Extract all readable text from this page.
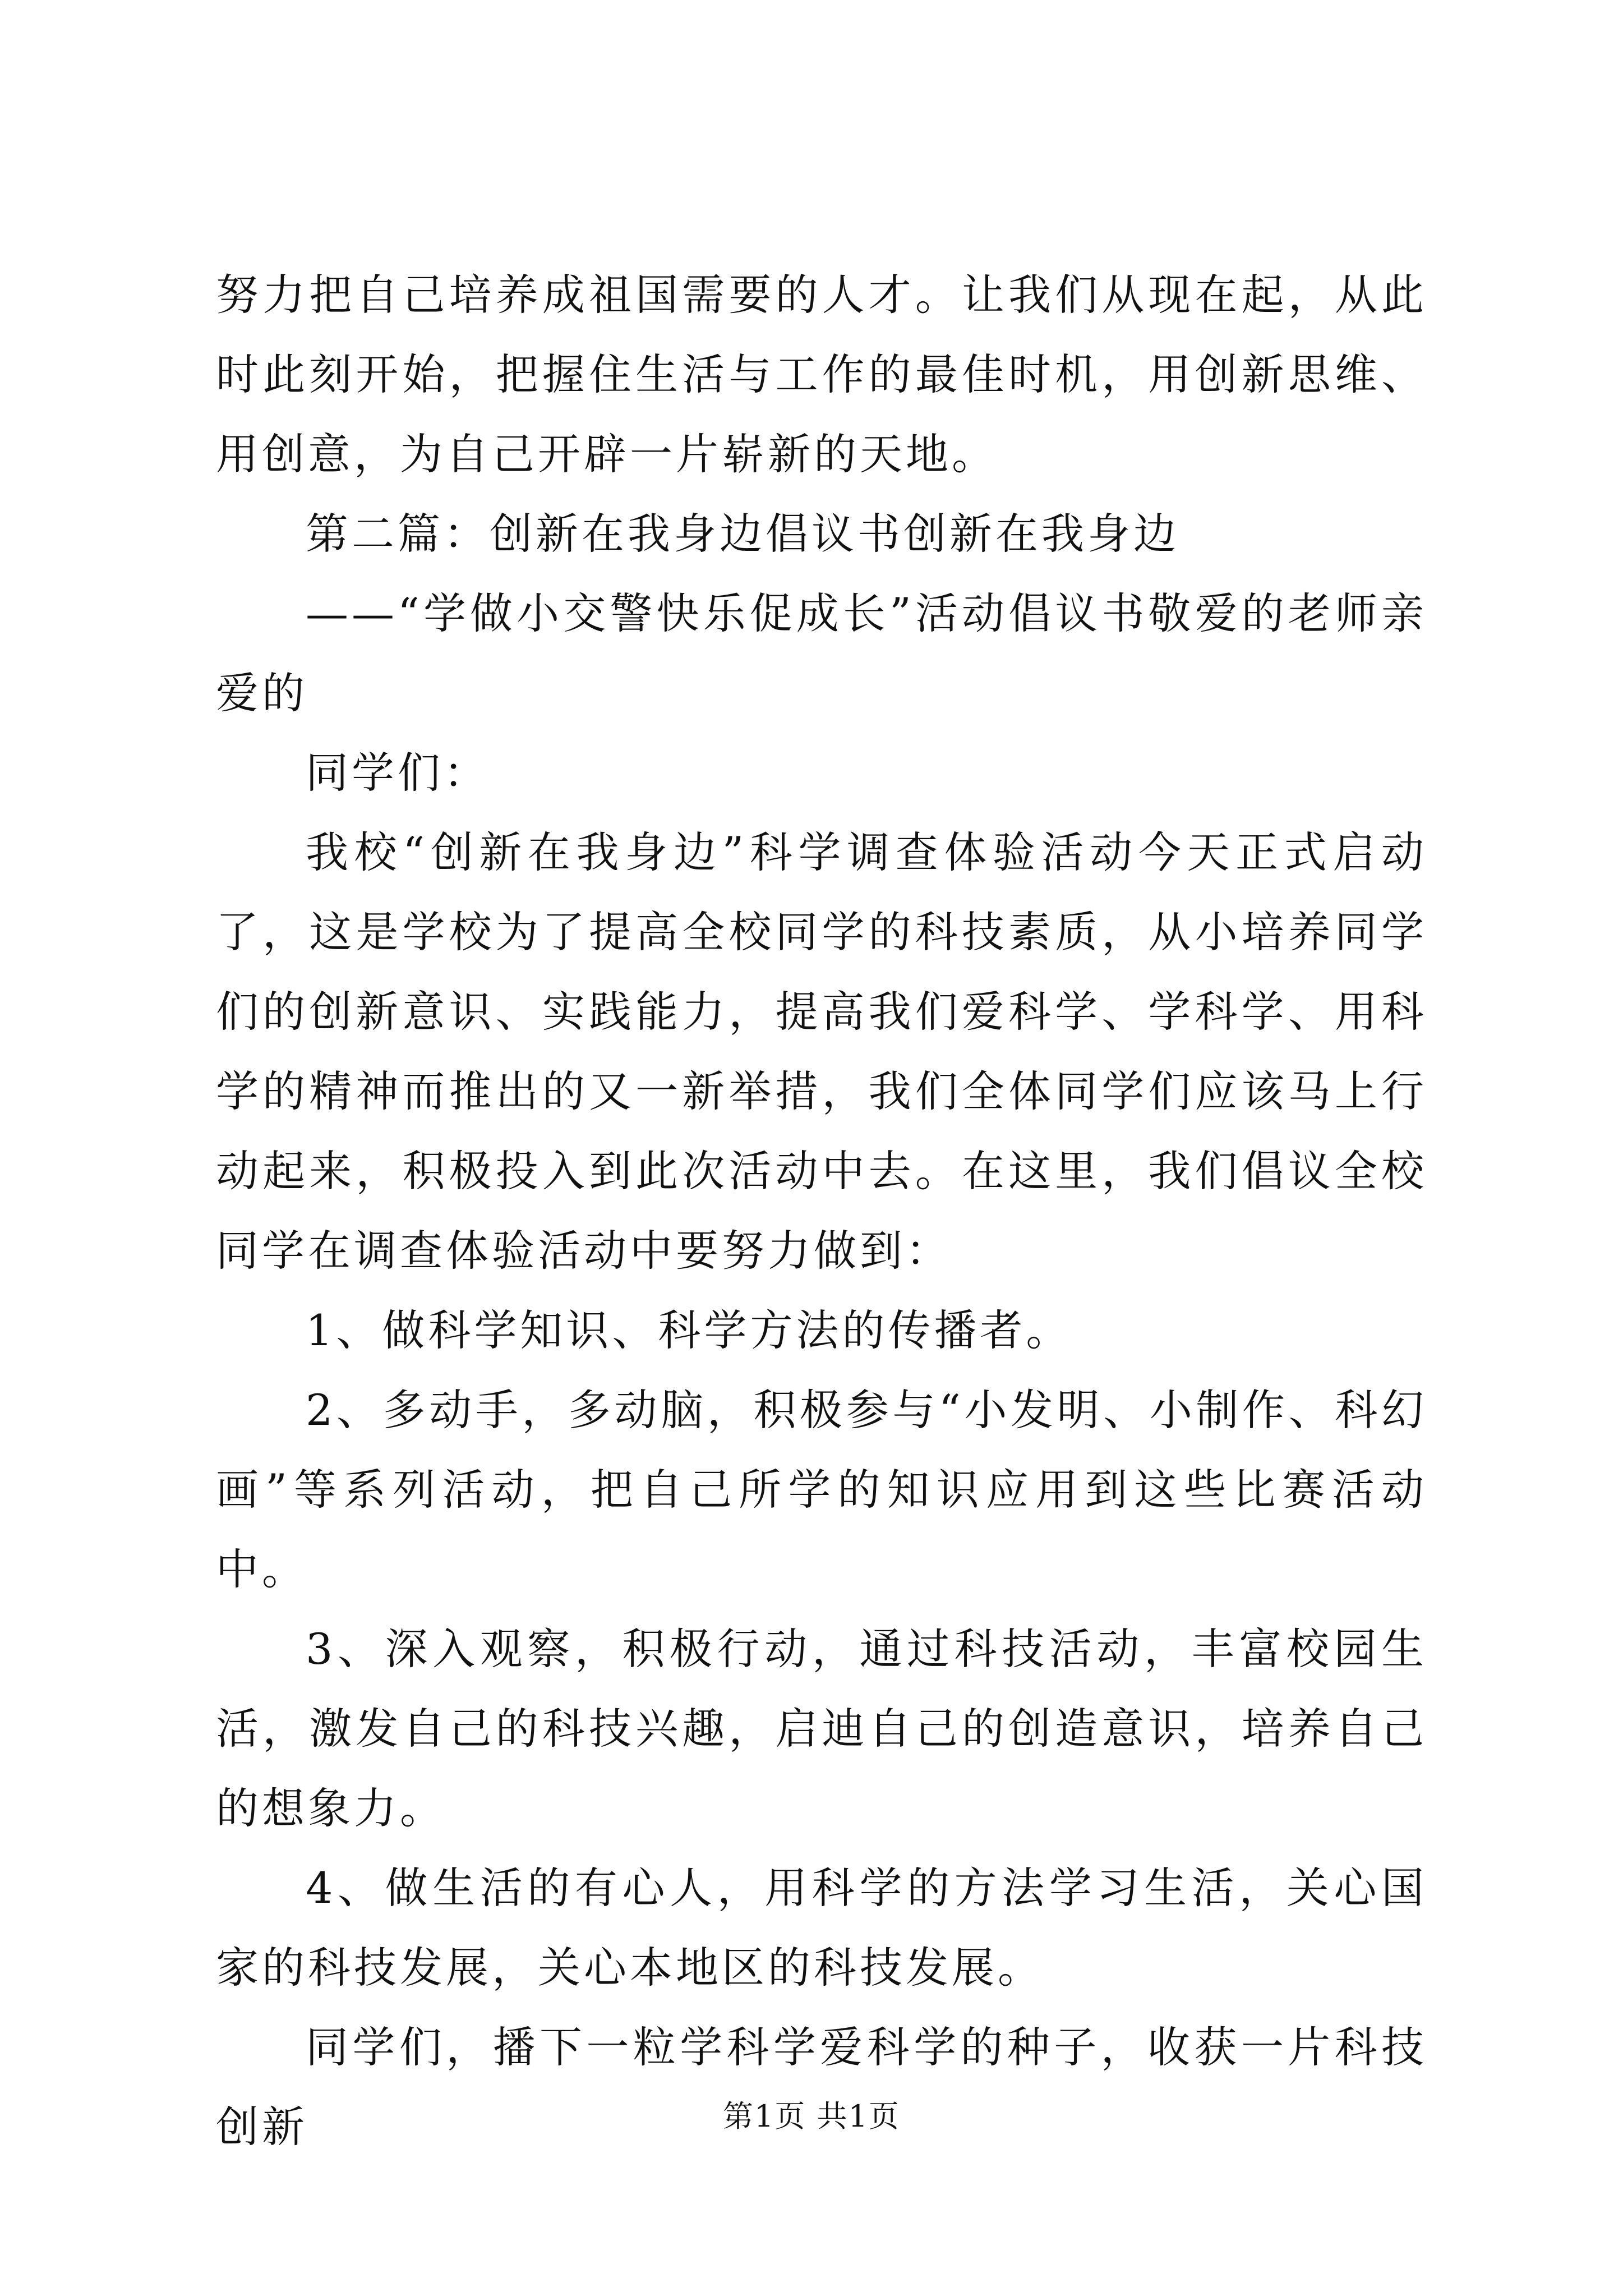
努力把自己培养成祖国需要的人才。让我们从现在起，从此时此刻开始，把握住生活与工作的最佳时机，用创新思维、用创意，为自己开辟一片崭新的天地。

第二篇：创新在我身边倡议书创新在我身边

——“学做小交警快乐促成长”活动倡议书敬爱的老师亲爱的

同学们：

我校“创新在我身边”科学调查体验活动今天正式启动了，这是学校为了提高全校同学的科技素质，从小培养同学们的创新意识、实践能力，提高我们爱科学、学科学、用科学的精神而推出的又一新举措，我们全体同学们应该马上行动起来，积极投入到此次活动中去。在这里，我们倡议全校同学在调查体验活动中要努力做到：

1、做科学知识、科学方法的传播者。

2、多动手，多动脑，积极参与“小发明、小制作、科幻画”等系列活动，把自己所学的知识应用到这些比赛活动中。

3、深入观察，积极行动，通过科技活动，丰富校园生活，激发自己的科技兴趣，启迪自己的创造意识，培养自己的想象力。

4、做生活的有心人，用科学的方法学习生活，关心国家的科技发展，关心本地区的科技发展。

同学们，播下一粒学科学爱科学的种子，收获一片科技创新	第1页 共1页
